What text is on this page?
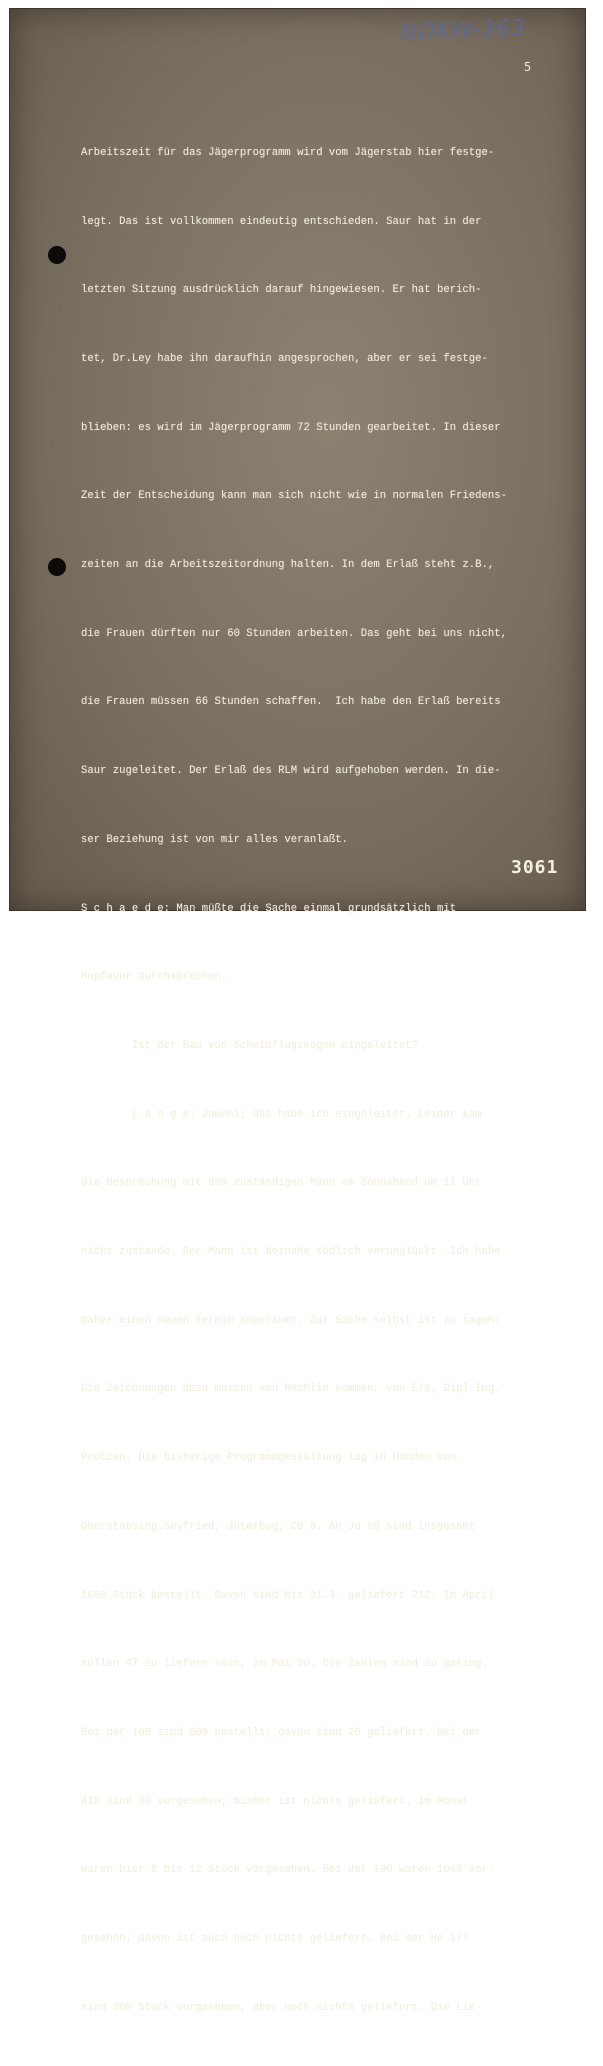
NOKW-363
5

Arbeitszeit für das Jägerprogramm wird vom Jägerstab hier festge-

legt. Das ist vollkommen eindeutig entschieden. Saur hat in der

letzten Sitzung ausdrücklich darauf hingewiesen. Er hat berich-

tet, Dr.Ley habe ihn daraufhin angesprochen, aber er sei festge-

blieben: es wird im Jägerprogramm 72 Stunden gearbeitet. In dieser

Zeit der Entscheidung kann man sich nicht wie in normalen Friedens-

zeiten an die Arbeitszeitordnung halten. In dem Erlaß steht z.B.,

die Frauen dürften nur 60 Stunden arbeiten. Das geht bei uns nicht,

die Frauen müssen 66 Stunden schaffen.  Ich habe den Erlaß bereits

Saur zugeleitet. Der Erlaß des RLM wird aufgehoben werden. In die-

ser Beziehung ist von mir alles veranlaßt.

S c h a e d e: Man müßte die Sache einmal grundsätzlich mit

Hupfauer durchsprechen.

Ist der Bau von Scheinflugzeugen eingeleitet?

L a n g e: Jawohl; das habe ich eingeleitet. Leider kam

die Besprechung mit dem zuständigen Mann am Sonnabend um 11 Uhr

nicht zustande. Der Mann ist beinahe tödlich verunglückt. Ich habe

daher einen neuen Termin anberaumt. Zur Sache selbst ist zu sagen:

Die Zeichnungen dazu müssen von Rechlin kommen, von E/8, Dipl.Ing.

Protzen. Die bisherige Programmgestaltung lag in Händen von

Oberstabsing.Seyfried, Jüterbog, CB 8. An Ju 88 sind insgesamt

1600 Stück bestellt. Davon sind bis 31.3. geliefert 212. Im April

sollen 47 zu liefern sein, im Mai 90. Die Zahlen sind zu gering.

Bei der 109 sind 600 bestellt; davon sind 20 geliefert. Bei der

410 sind 80 vorgesehen; bisher ist nichts geliefert. Im Monat

waren hier 8 bis 12 Stück vorgesehen. Bei der 190 waren 1040 vor-

gesehen; davon ist auch noch nichts geliefert. Bei der He 177

sind 200 Stück vorgesehen, aber noch nichts geliefert. Die Lie-

3061
